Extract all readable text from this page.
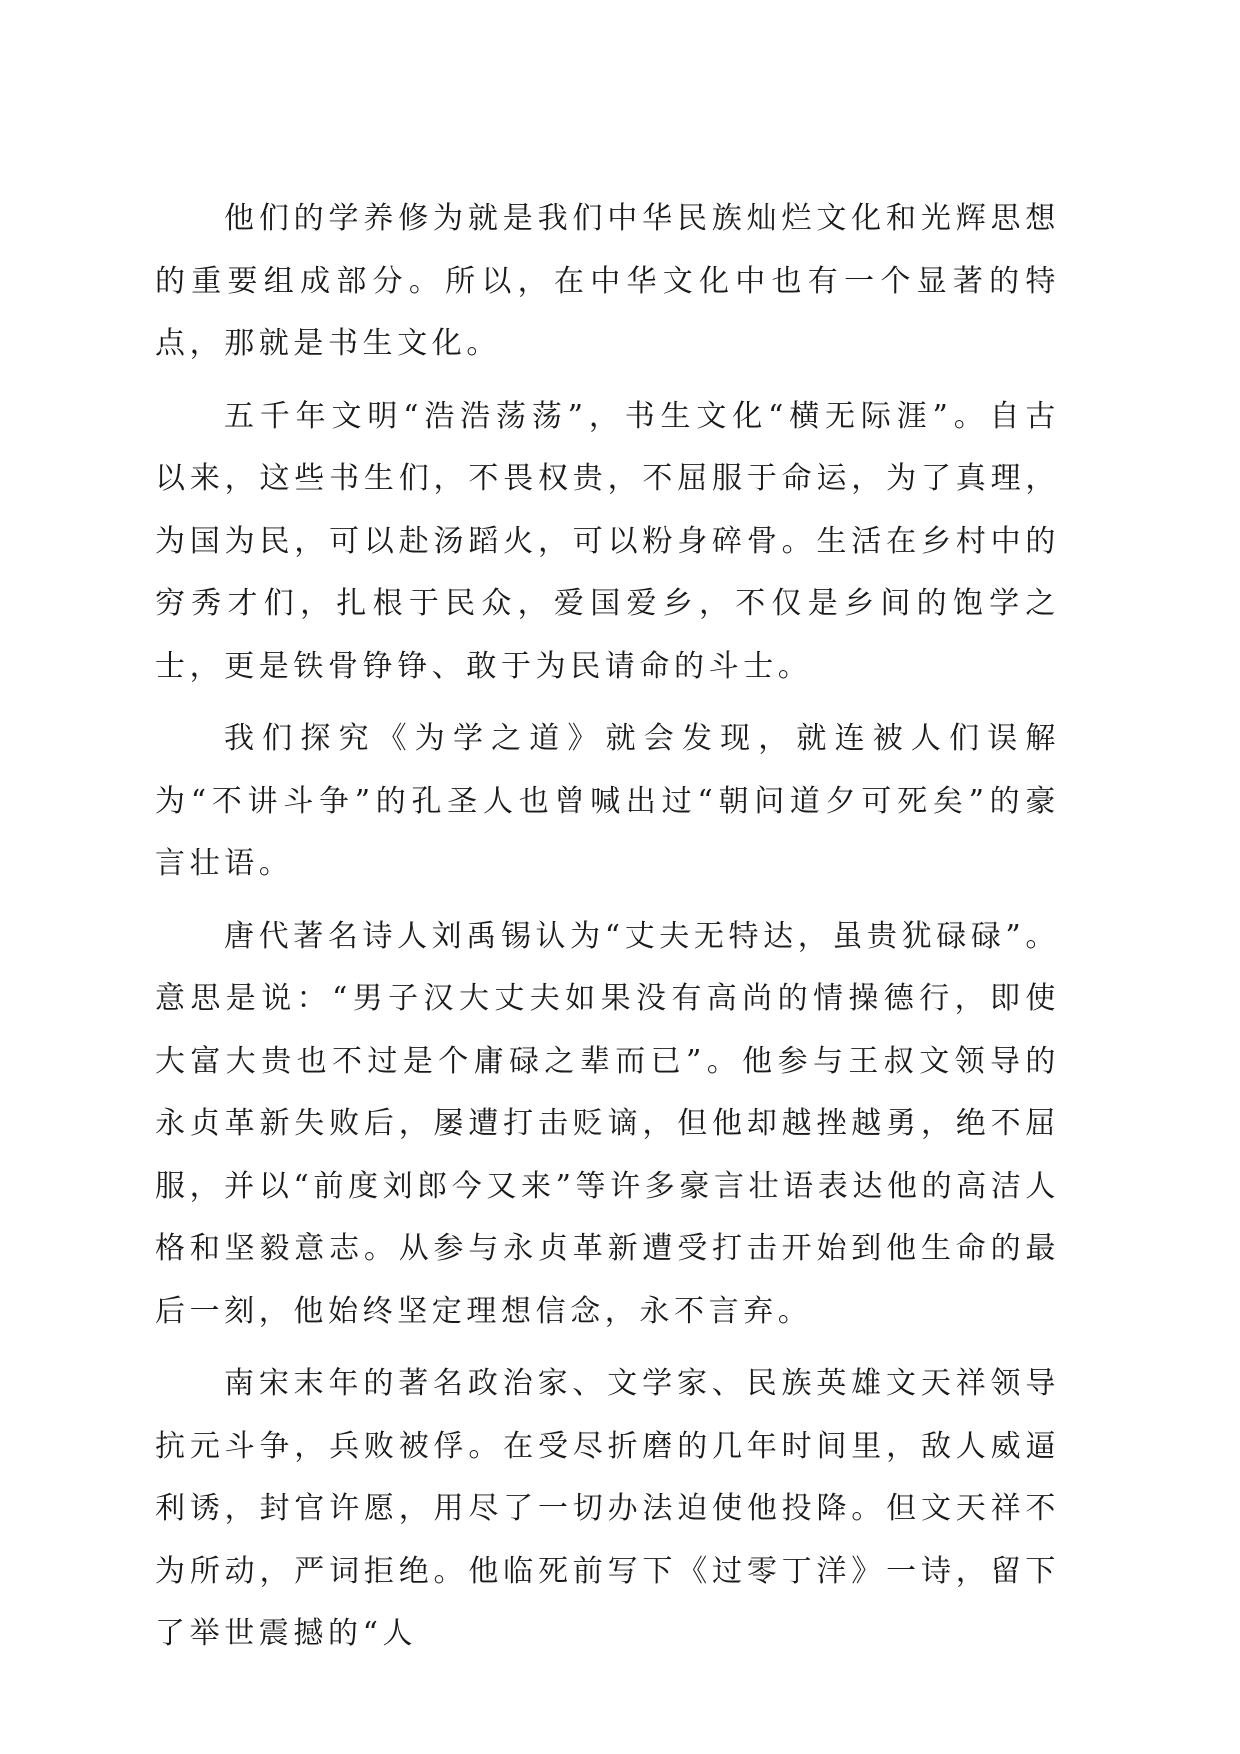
他们的学养修为就是我们中华民族灿烂文化和光辉思想的重要组成部分。所以，在中华文化中也有一个显著的特点，那就是书生文化。

五千年文明“浩浩荡荡”，书生文化“横无际涯”。自古以来，这些书生们，不畏权贵，不屈服于命运，为了真理，为国为民，可以赴汤蹈火，可以粉身碎骨。生活在乡村中的穷秀才们，扎根于民众，爱国爱乡，不仅是乡间的饱学之士，更是铁骨铮铮、敢于为民请命的斗士。

我们探究《为学之道》就会发现，就连被人们误解为“不讲斗争”的孔圣人也曾喊出过“朝问道夕可死矣”的豪言壮语。

唐代著名诗人刘禹锡认为“丈夫无特达，虽贵犹碌碌”。意思是说：“男子汉大丈夫如果没有高尚的情操德行，即使大富大贵也不过是个庸碌之辈而已”。他参与王叔文领导的永贞革新失败后，屡遭打击贬谪，但他却越挫越勇，绝不屈服，并以“前度刘郎今又来”等许多豪言壮语表达他的高洁人格和坚毅意志。从参与永贞革新遭受打击开始到他生命的最后一刻，他始终坚定理想信念，永不言弃。

南宋末年的著名政治家、文学家、民族英雄文天祥领导抗元斗争，兵败被俘。在受尽折磨的几年时间里，敌人威逼利诱，封官许愿，用尽了一切办法迫使他投降。但文天祥不为所动，严词拒绝。他临死前写下《过零丁洋》一诗，留下了举世震撼的“人
